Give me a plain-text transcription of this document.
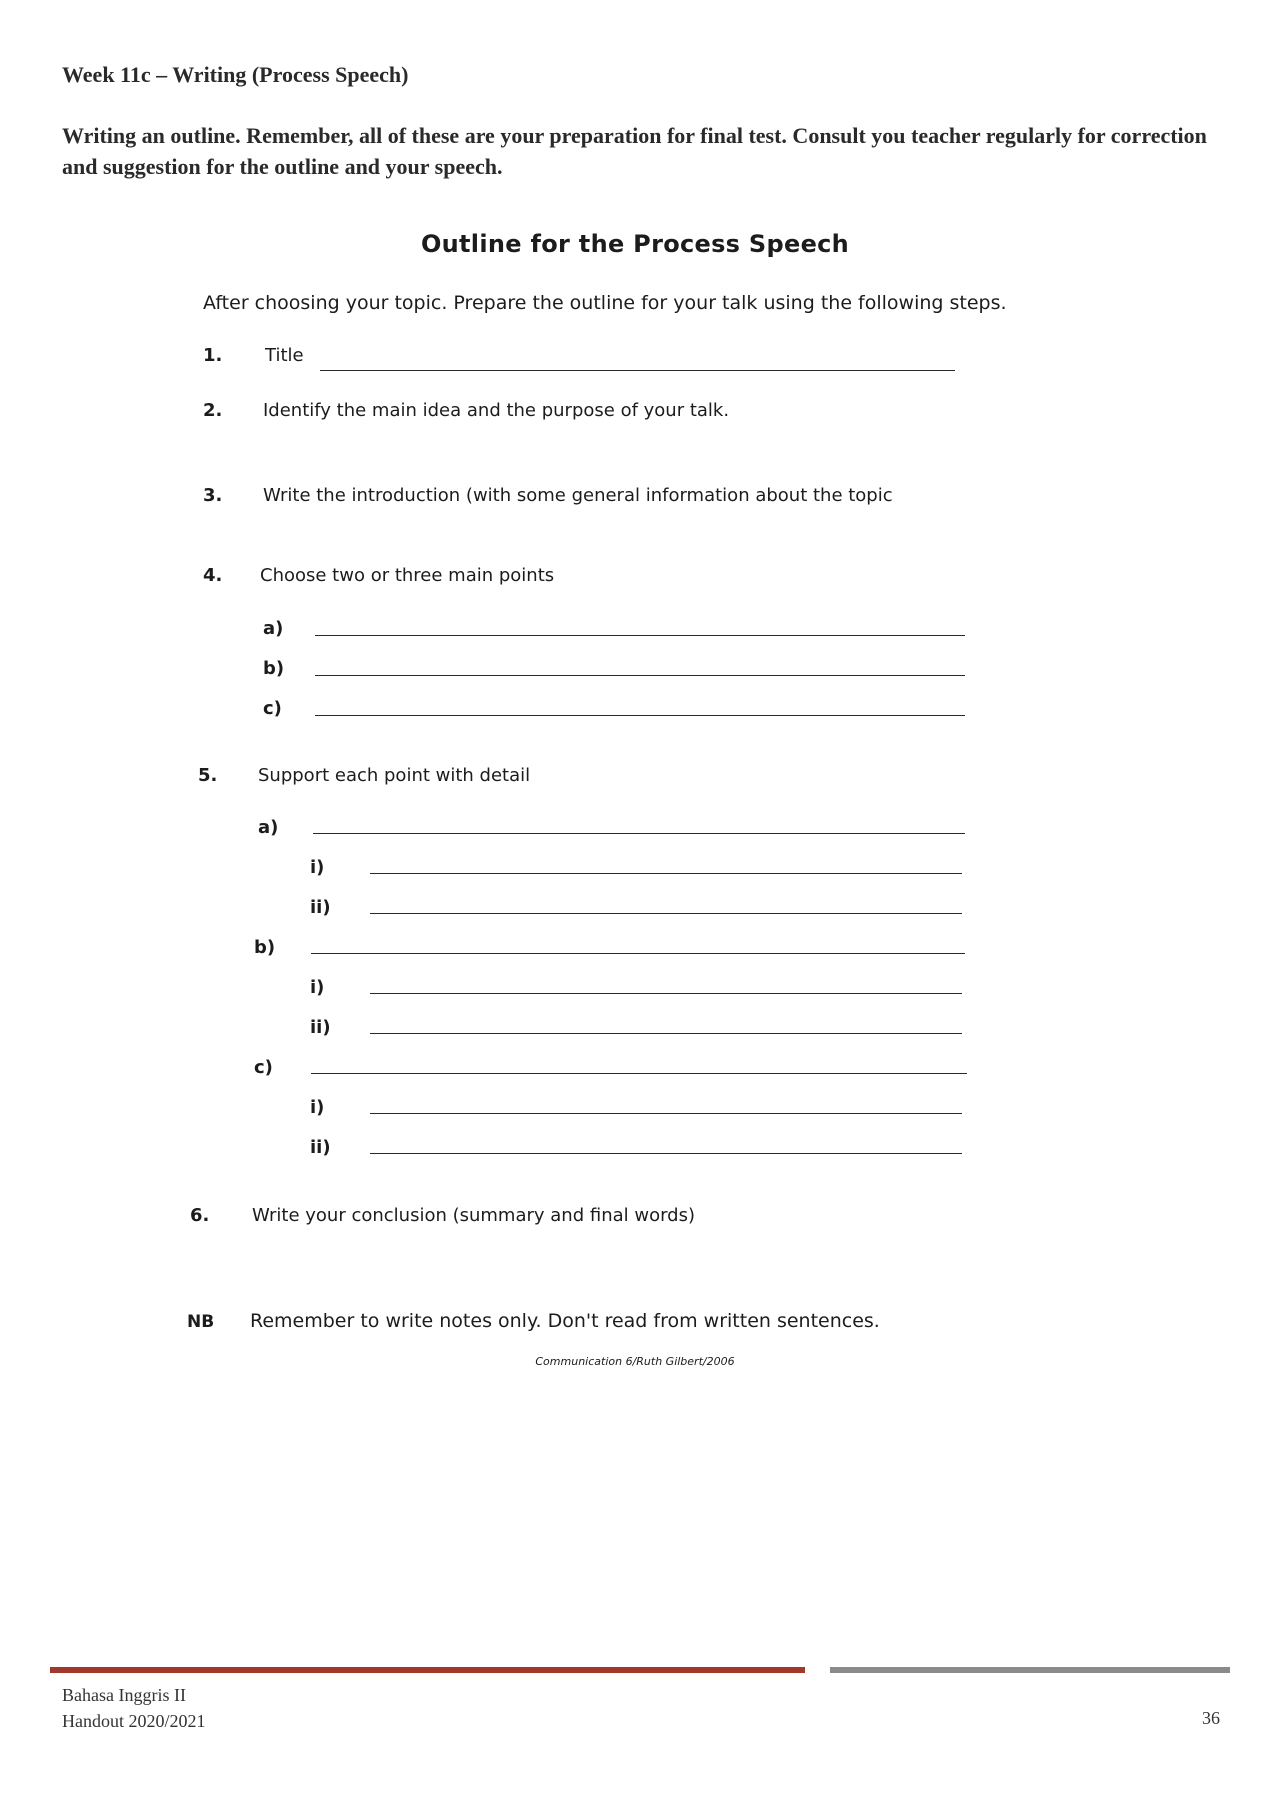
Week 11c – Writing (Process Speech)
Writing an outline. Remember, all of these are your preparation for final test. Consult you teacher regularly for correction and suggestion for the outline and your speech.
Outline for the Process Speech
After choosing your topic. Prepare the outline for your talk using the following steps.
1. Title
2. Identify the main idea and the purpose of your talk.
3. Write the introduction (with some general information about the topic
4. Choose two or three main points
a)
b)
c)
5. Support each point with detail
a)
i)
ii)
b)
i)
ii)
c)
i)
ii)
6. Write your conclusion (summary and final words)
NB Remember to write notes only. Don't read from written sentences.
Communication 6/Ruth Gilbert/2006
Bahasa Inggris II
Handout 2020/2021	36
